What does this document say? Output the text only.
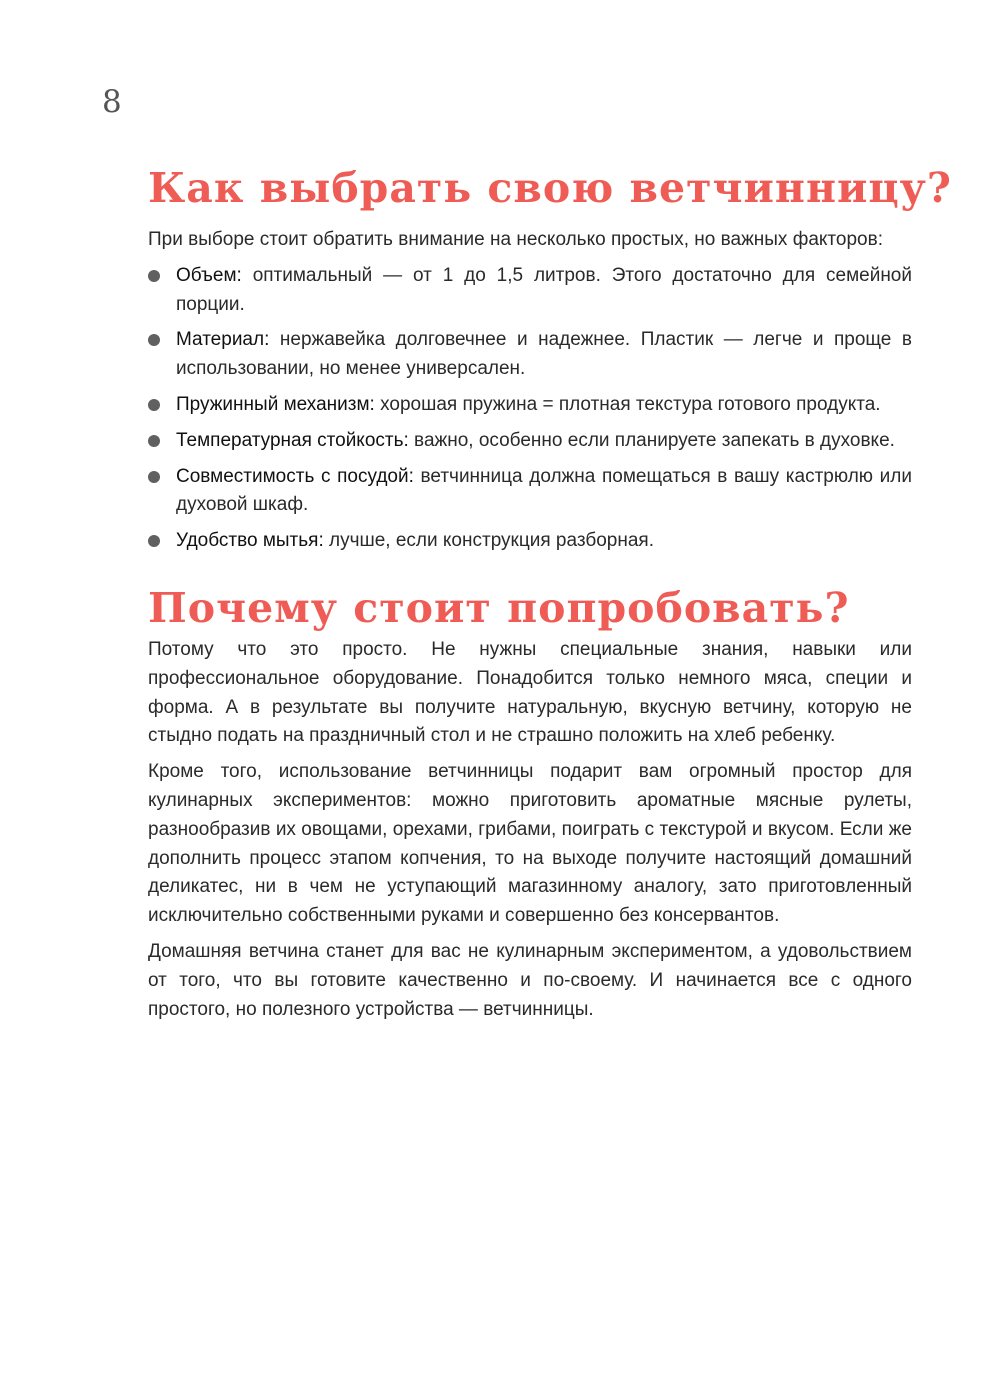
8
Как выбрать свою ветчинницу?

При выборе стоит обратить внимание на несколько простых, но важных факторов:

Объем: оптимальный — от 1 до 1,5 литров. Этого достаточно для семейной порции.
Материал: нержавейка долговечнее и надежнее. Пластик — легче и проще в использовании, но менее универсален.
Пружинный механизм: хорошая пружина = плотная текстура готового продукта.
Температурная стойкость: важно, особенно если планируете запекать в духовке.
Совместимость с посудой: ветчинница должна помещаться в вашу кастрюлю или духовой шкаф.
Удобство мытья: лучше, если конструкция разборная.
Почему стоит попробовать?

Потому что это просто. Не нужны специальные знания, навыки или профессиональное оборудование. Понадобится только немного мяса, специи и форма. А в результате вы получите натуральную, вкусную ветчину, которую не стыдно подать на праздничный стол и не страшно положить на хлеб ребенку.

Кроме того, использование ветчинницы подарит вам огромный простор для кулинарных экспериментов: можно приготовить ароматные мясные рулеты, разнообразив их овощами, орехами, грибами, поиграть с текстурой и вкусом. Если же дополнить процесс этапом копчения, то на выходе получите настоящий домашний деликатес, ни в чем не уступающий магазинному аналогу, зато приготовленный исключительно собственными руками и совершенно без консервантов.

Домашняя ветчина станет для вас не кулинарным экспериментом, а удовольствием от того, что вы готовите качественно и по-своему. И начинается все с одного простого, но полезного устройства — ветчинницы.
